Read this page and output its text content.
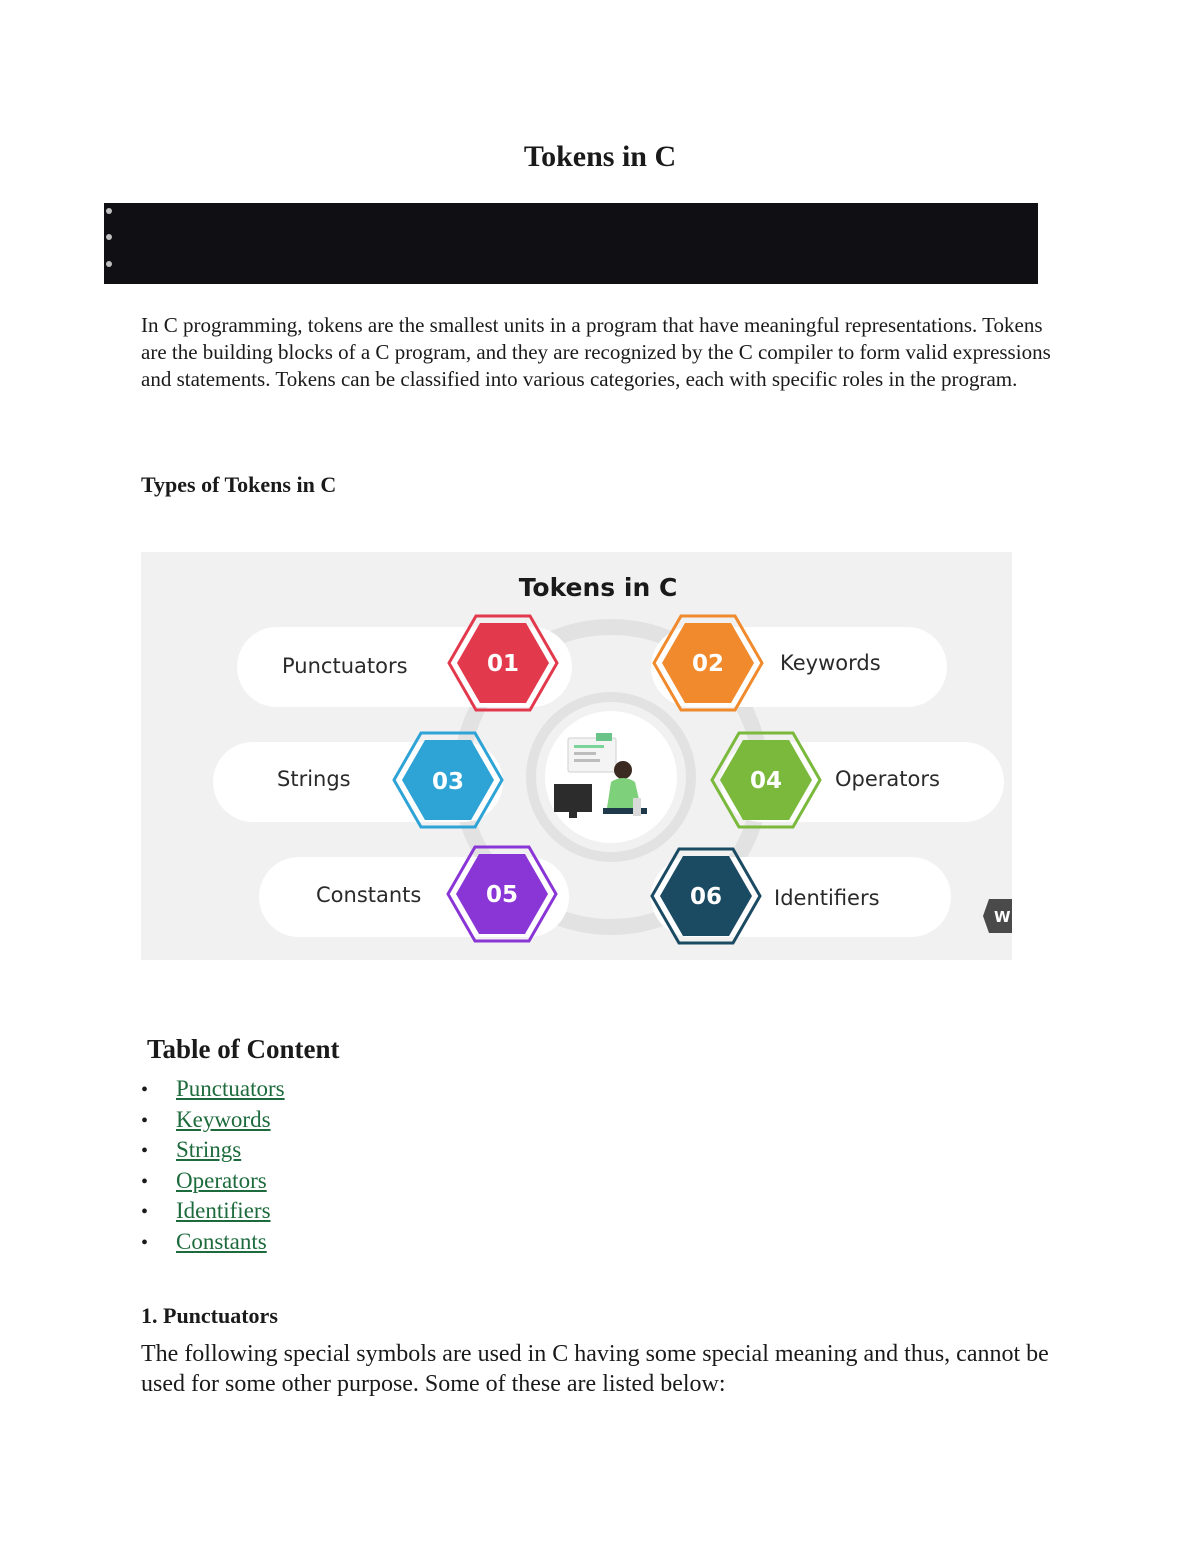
Tokens in C

In C programming, tokens are the smallest units in a program that have meaningful representations. Tokens are the building blocks of a C program, and they are recognized by the C compiler to form valid expressions and statements. Tokens can be classified into various categories, each with specific roles in the program.

Types of Tokens in C
Tokens in C
01	02
03	04
05	06
Punctuators	Keywords
Strings	Operators
Constants	Identifiers
W
Table of Content
• Punctuators
• Keywords
• Strings
• Operators
• Identifiers
• Constants
1. Punctuators

The following special symbols are used in C having some special meaning and thus, cannot be used for some other purpose. Some of these are listed below:
